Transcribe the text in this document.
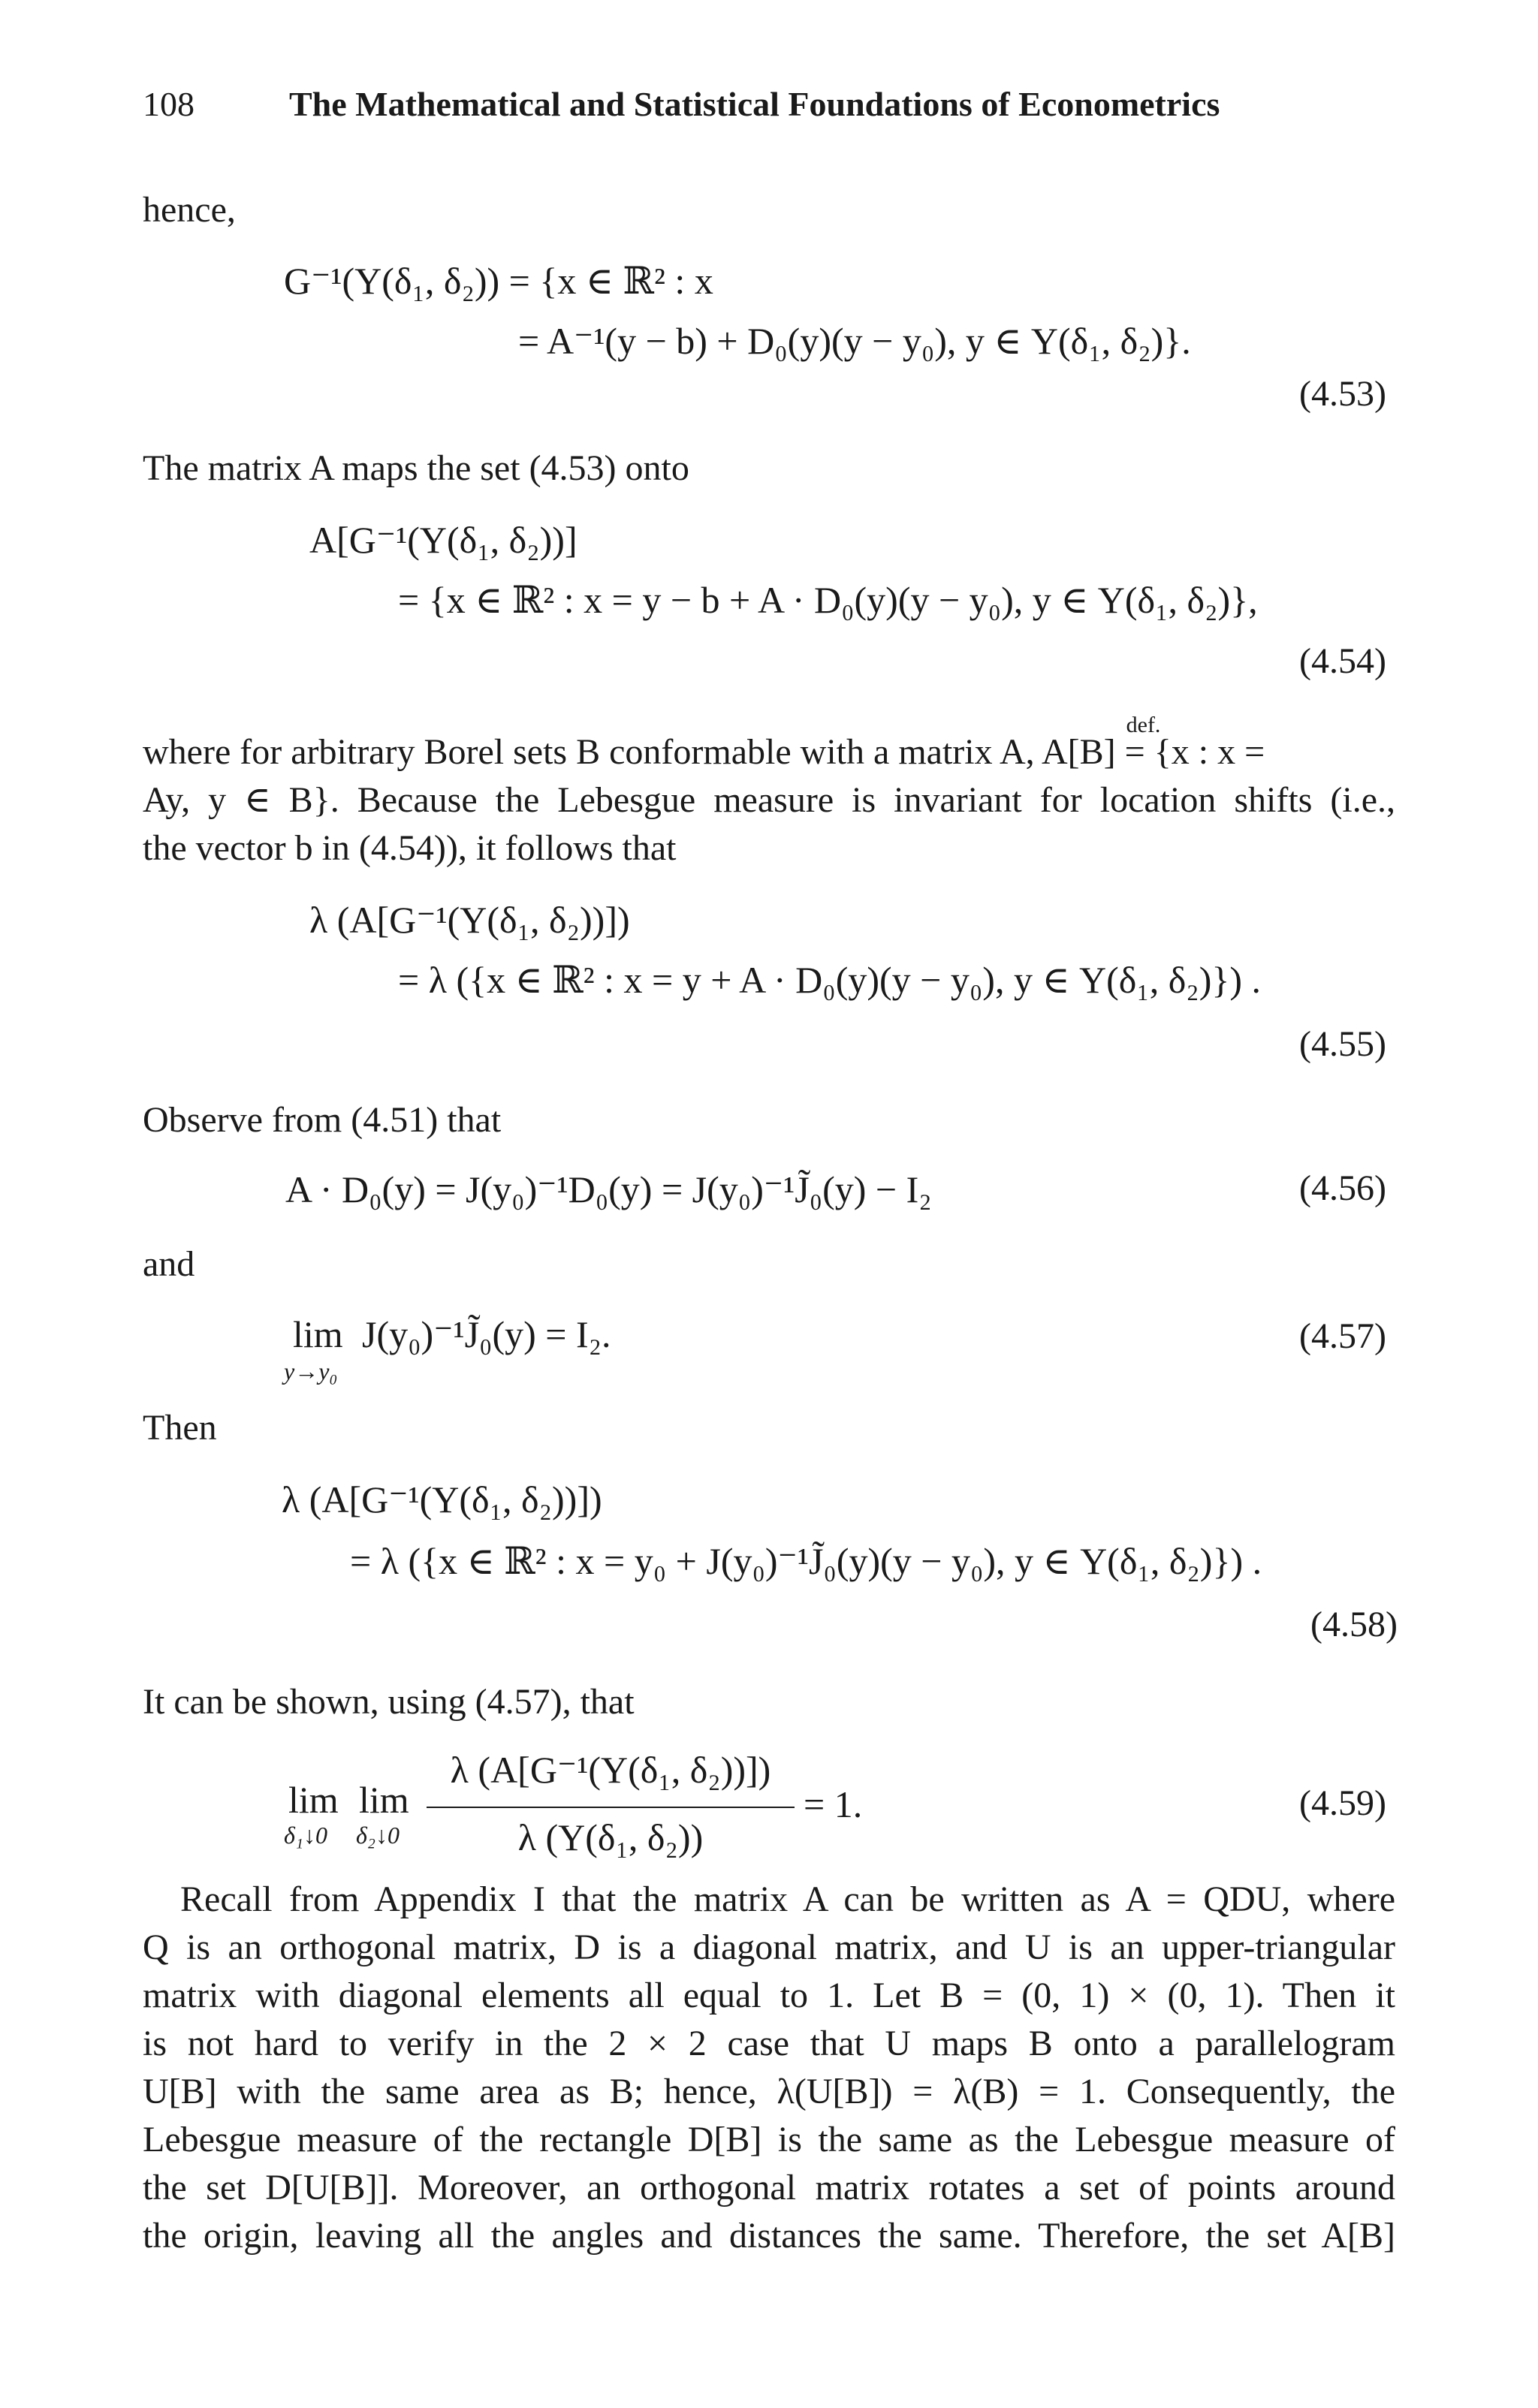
108	The Mathematical and Statistical Foundations of Econometrics
hence,
G⁻¹(Υ(δ₁, δ₂)) = {x ∈ ℝ² : x
= A⁻¹(y − b) + D₀(y)(y − y₀), y ∈ Υ(δ₁, δ₂)}.
(4.53)
The matrix A maps the set (4.53) onto
A[G⁻¹(Υ(δ₁, δ₂))]
= {x ∈ ℝ² : x = y − b + A · D₀(y)(y − y₀), y ∈ Υ(δ₁, δ₂)},
(4.54)
where for arbitrary Borel sets B conformable with a matrix A, A[B]
def.
= {x : x =
Ay, y ∈ B}. Because the Lebesgue measure is invariant for location shifts (i.e.,
the vector b in (4.54)), it follows that
λ (A[G⁻¹(Υ(δ₁, δ₂))])
= λ ({x ∈ ℝ² : x = y + A · D₀(y)(y − y₀), y ∈ Υ(δ₁, δ₂)}) .
(4.55)
Observe from (4.51) that
A · D₀(y) = J(y₀)⁻¹D₀(y) = J(y₀)⁻¹J̃₀(y) − I₂	(4.56)
and
lim
y→y₀
J(y₀)⁻¹J̃₀(y) = I₂.	(4.57)
Then
λ (A[G⁻¹(Υ(δ₁, δ₂))])
= λ ({x ∈ ℝ² : x = y₀ + J(y₀)⁻¹J̃₀(y)(y − y₀), y ∈ Υ(δ₁, δ₂)}) .
(4.58)
It can be shown, using (4.57), that
lim
δ₁↓0
lim
δ₂↓0
λ (A[G⁻¹(Υ(δ₁, δ₂))])
λ (Υ(δ₁, δ₂))
= 1.	(4.59)
Recall from Appendix I that the matrix A can be written as A = QDU, where
Q is an orthogonal matrix, D is a diagonal matrix, and U is an upper-triangular
matrix with diagonal elements all equal to 1. Let B = (0, 1) × (0, 1). Then it
is not hard to verify in the 2 × 2 case that U maps B onto a parallelogram
U[B] with the same area as B; hence, λ(U[B]) = λ(B) = 1. Consequently, the
Lebesgue measure of the rectangle D[B] is the same as the Lebesgue measure of
the set D[U[B]]. Moreover, an orthogonal matrix rotates a set of points around
the origin, leaving all the angles and distances the same. Therefore, the set A[B]
